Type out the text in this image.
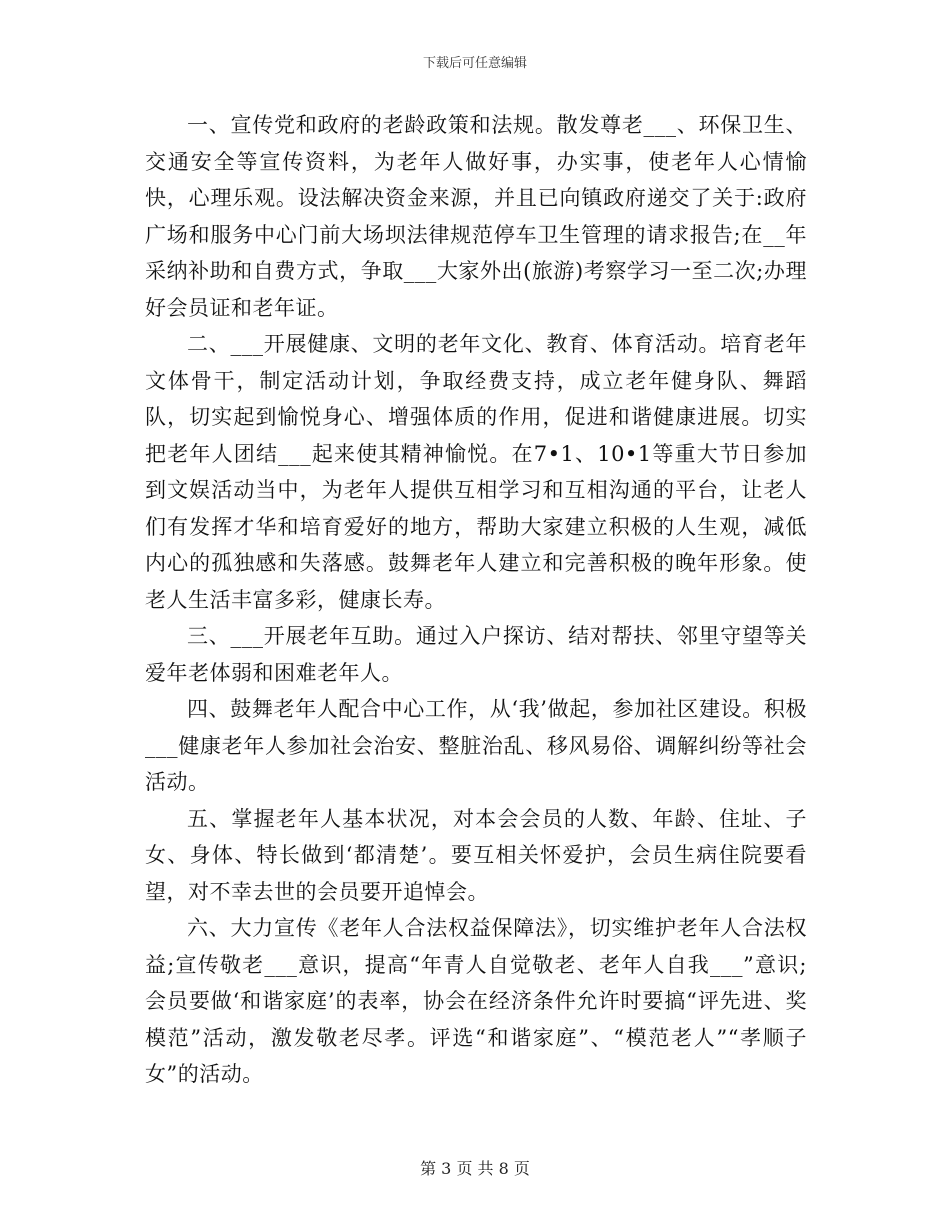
下载后可任意编辑

一、宣传党和政府的老龄政策和法规。散发尊老___、环保卫生、交通安全等宣传资料，为老年人做好事，办实事，使老年人心情愉快，心理乐观。设法解决资金来源，并且已向镇政府递交了关于:政府广场和服务中心门前大场坝法律规范停车卫生管理的请求报告;在__年采纳补助和自费方式，争取___大家外出(旅游)考察学习一至二次;办理好会员证和老年证。

二、___开展健康、文明的老年文化、教育、体育活动。培育老年文体骨干，制定活动计划，争取经费支持，成立老年健身队、舞蹈队，切实起到愉悦身心、增强体质的作用，促进和谐健康进展。切实把老年人团结___起来使其精神愉悦。在7•1、10•1等重大节日参加到文娱活动当中，为老年人提供互相学习和互相沟通的平台，让老人们有发挥才华和培育爱好的地方，帮助大家建立积极的人生观，减低内心的孤独感和失落感。鼓舞老年人建立和完善积极的晚年形象。使老人生活丰富多彩，健康长寿。

三、___开展老年互助。通过入户探访、结对帮扶、邻里守望等关爱年老体弱和困难老年人。

四、鼓舞老年人配合中心工作，从‘我’做起，参加社区建设。积极___健康老年人参加社会治安、整脏治乱、移风易俗、调解纠纷等社会活动。

五、掌握老年人基本状况，对本会会员的人数、年龄、住址、子女、身体、特长做到‘都清楚’。要互相关怀爱护，会员生病住院要看望，对不幸去世的会员要开追悼会。

六、大力宣传《老年人合法权益保障法》，切实维护老年人合法权益;宣传敬老___意识，提高“年青人自觉敬老、老年人自我___”意识;会员要做‘和谐家庭’的表率，协会在经济条件允许时要搞“评先进、奖模范”活动，激发敬老尽孝。评选“和谐家庭”、“模范老人”“孝顺子女”的活动。

第 3 页 共 8 页
